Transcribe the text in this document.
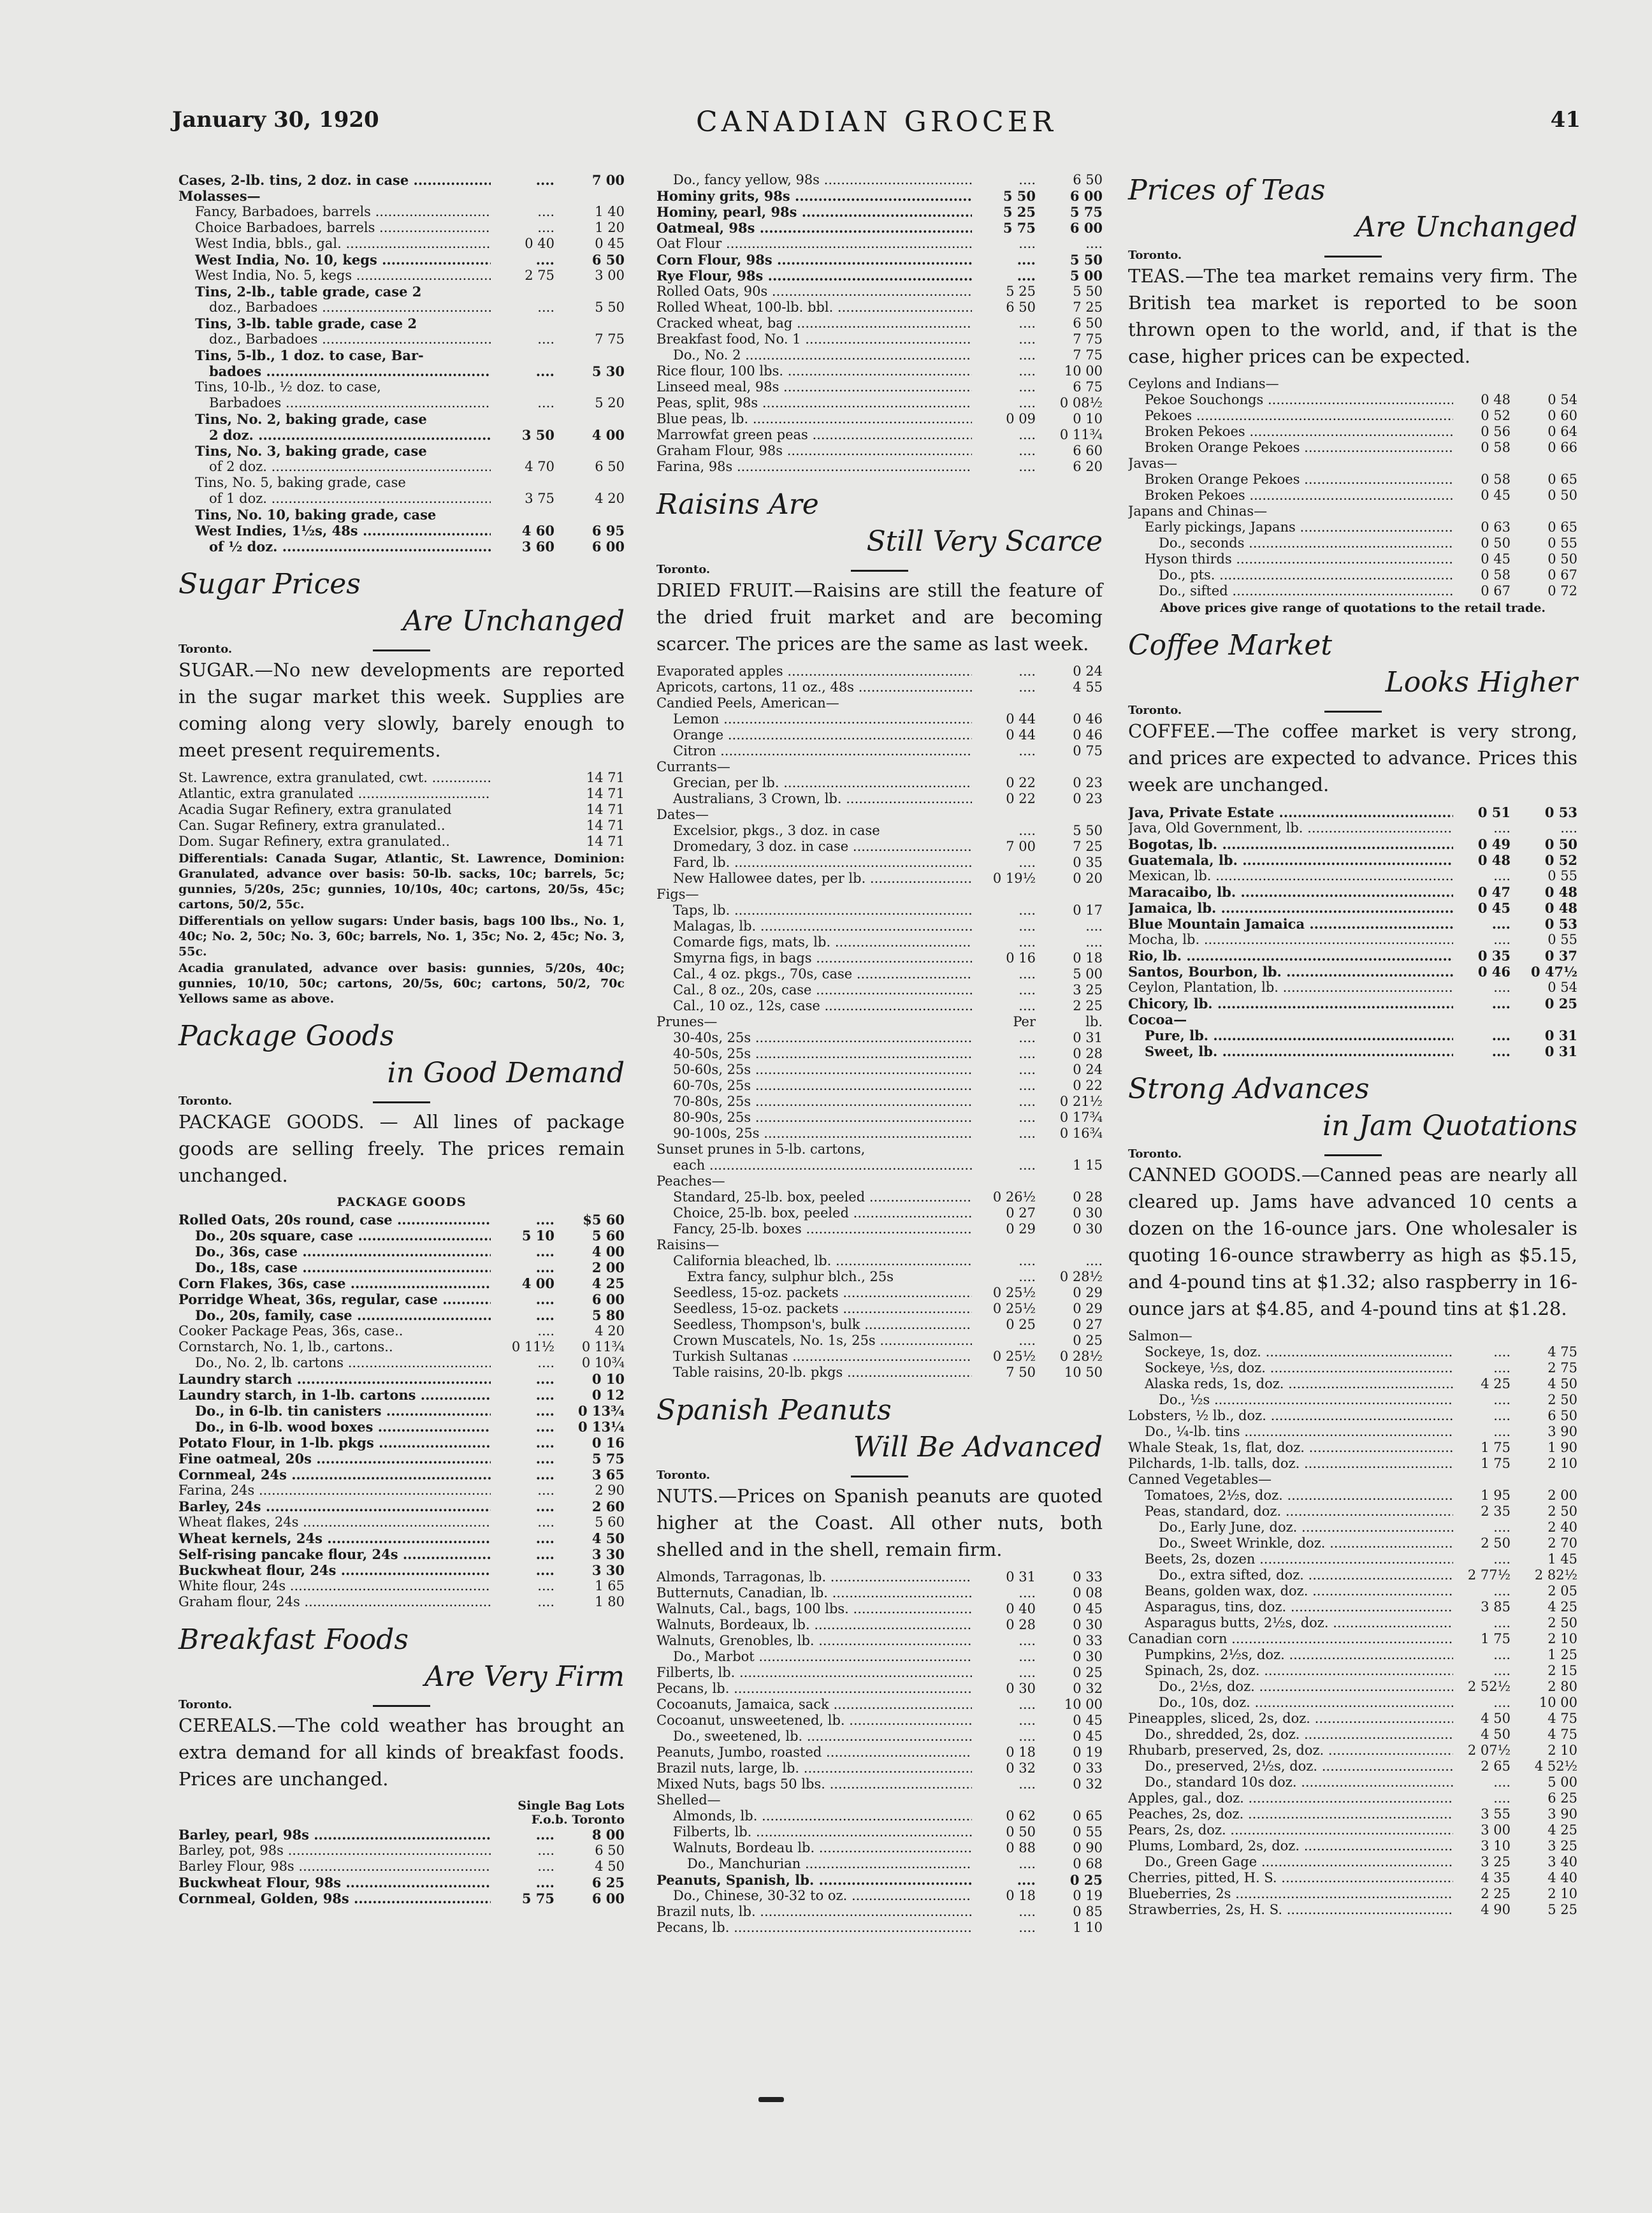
January 30, 1920	CANADIAN GROCER	41
Cases, 2-lb. tins, 2 doz. in case .....	....	7 00
Molasses—
Fancy, Barbadoes, barrels .....	....	1 40
Choice Barbadoes, barrels .....	....	1 20
West India, bbls., gal. .....	0 40	0 45
West India, No. 10, kegs .....	....	6 50
West India, No. 5, kegs .....	2 75	3 00
Tins, 2-lb., table grade, case 2
doz., Barbadoes .....	....	5 50
Tins, 3-lb. table grade, case 2
doz., Barbadoes .....	....	7 75
Tins, 5-lb., 1 doz. to case, Bar-
badoes .....	....	5 30
Tins, 10-lb., ½ doz. to case,
Barbadoes .....	....	5 20
Tins, No. 2, baking grade, case
2 doz. .....	3 50	4 00
Tins, No. 3, baking grade, case
of 2 doz. .....	4 70	6 50
Tins, No. 5, baking grade, case
of 1 doz. .....	3 75	4 20
Tins, No. 10, baking grade, case
West Indies, 1½s, 48s .....	4 60	6 95
of ½ doz. .....	3 60	6 00
Sugar Prices
Are Unchanged
Toronto.
SUGAR.—No new developments are reported in the sugar market this week. Supplies are coming along very slowly, barely enough to meet present requirements.
St. Lawrence, extra granulated, cwt. .....	14 71
Atlantic, extra granulated .....	14 71
Acadia Sugar Refinery, extra granulated	14 71
Can. Sugar Refinery, extra granulated..	14 71
Dom. Sugar Refinery, extra granulated..	14 71
Differentials: Canada Sugar, Atlantic, St. Lawrence, Dominion: Granulated, advance over basis: 50-lb. sacks, 10c; barrels, 5c; gunnies, 5/20s, 25c; gunnies, 10/10s, 40c; cartons, 20/5s, 45c; cartons, 50/2, 55c.
Differentials on yellow sugars: Under basis, bags 100 lbs., No. 1, 40c; No. 2, 50c; No. 3, 60c; barrels, No. 1, 35c; No. 2, 45c; No. 3, 55c.
Acadia granulated, advance over basis: gunnies, 5/20s, 40c; gunnies, 10/10, 50c; cartons, 20/5s, 60c; cartons, 50/2, 70c Yellows same as above.
Package Goods
in Good Demand
Toronto.
PACKAGE GOODS. — All lines of package goods are selling freely. The prices remain unchanged.
PACKAGE GOODS
Rolled Oats, 20s round, case .....	....	$5 60
Do., 20s square, case .....	5 10	5 60
Do., 36s, case .....	....	4 00
Do., 18s, case .....	....	2 00
Corn Flakes, 36s, case .....	4 00	4 25
Porridge Wheat, 36s, regular, case .....	....	6 00
Do., 20s, family, case .....	....	5 80
Cooker Package Peas, 36s, case..	....	4 20
Cornstarch, No. 1, lb., cartons..	0 11½	0 11¾
Do., No. 2, lb. cartons .....	....	0 10¾
Laundry starch .....	....	0 10
Laundry starch, in 1-lb. cartons .....	....	0 12
Do., in 6-lb. tin canisters .....	....	0 13¾
Do., in 6-lb. wood boxes .....	....	0 13¼
Potato Flour, in 1-lb. pkgs .....	....	0 16
Fine oatmeal, 20s .....	....	5 75
Cornmeal, 24s .....	....	3 65
Farina, 24s .....	....	2 90
Barley, 24s .....	....	2 60
Wheat flakes, 24s .....	....	5 60
Wheat kernels, 24s .....	....	4 50
Self-rising pancake flour, 24s .....	....	3 30
Buckwheat flour, 24s .....	....	3 30
White flour, 24s .....	....	1 65
Graham flour, 24s .....	....	1 80
Breakfast Foods
Are Very Firm
Toronto.
CEREALS.—The cold weather has brought an extra demand for all kinds of breakfast foods. Prices are unchanged.
Single Bag Lots
F.o.b. Toronto
Barley, pearl, 98s .....	....	8 00
Barley, pot, 98s .....	....	6 50
Barley Flour, 98s .....	....	4 50
Buckwheat Flour, 98s .....	....	6 25
Cornmeal, Golden, 98s .....	5 75	6 00
Do., fancy yellow, 98s .....	....	6 50
Hominy grits, 98s .....	5 50	6 00
Hominy, pearl, 98s .....	5 25	5 75
Oatmeal, 98s .....	5 75	6 00
Oat Flour .....	....	....
Corn Flour, 98s .....	....	5 50
Rye Flour, 98s .....	....	5 00
Rolled Oats, 90s .....	5 25	5 50
Rolled Wheat, 100-lb. bbl. .....	6 50	7 25
Cracked wheat, bag .....	....	6 50
Breakfast food, No. 1 .....	....	7 75
Do., No. 2 .....	....	7 75
Rice flour, 100 lbs. .....	....	10 00
Linseed meal, 98s .....	....	6 75
Peas, split, 98s .....	....	0 08½
Blue peas, lb. .....	0 09	0 10
Marrowfat green peas .....	....	0 11¾
Graham Flour, 98s .....	....	6 60
Farina, 98s .....	....	6 20
Raisins Are
Still Very Scarce
Toronto.
DRIED FRUIT.—Raisins are still the feature of the dried fruit market and are becoming scarcer. The prices are the same as last week.
Evaporated apples .....	....	0 24
Apricots, cartons, 11 oz., 48s .....	....	4 55
Candied Peels, American—
Lemon .....	0 44	0 46
Orange .....	0 44	0 46
Citron .....	....	0 75
Currants—
Grecian, per lb. .....	0 22	0 23
Australians, 3 Crown, lb. .....	0 22	0 23
Dates—
Excelsior, pkgs., 3 doz. in case	....	5 50
Dromedary, 3 doz. in case .....	7 00	7 25
Fard, lb. .....	....	0 35
New Hallowee dates, per lb. .....	0 19½	0 20
Figs—
Taps, lb. .....	....	0 17
Malagas, lb. .....	....	....
Comarde figs, mats, lb. .....	....	....
Smyrna figs, in bags .....	0 16	0 18
Cal., 4 oz. pkgs., 70s, case .....	....	5 00
Cal., 8 oz., 20s, case .....	....	3 25
Cal., 10 oz., 12s, case .....	....	2 25
Prunes—	Per	lb.
30-40s, 25s .....	....	0 31
40-50s, 25s .....	....	0 28
50-60s, 25s .....	....	0 24
60-70s, 25s .....	....	0 22
70-80s, 25s .....	....	0 21½
80-90s, 25s .....	....	0 17¾
90-100s, 25s .....	....	0 16¾
Sunset prunes in 5-lb. cartons,
each .....	....	1 15
Peaches—
Standard, 25-lb. box, peeled .....	0 26½	0 28
Choice, 25-lb. box, peeled .....	0 27	0 30
Fancy, 25-lb. boxes .....	0 29	0 30
Raisins—
California bleached, lb. .....	....	....
Extra fancy, sulphur blch., 25s	....	0 28½
Seedless, 15-oz. packets .....	0 25½	0 29
Seedless, 15-oz. packets .....	0 25½	0 29
Seedless, Thompson's, bulk .....	0 25	0 27
Crown Muscatels, No. 1s, 25s .....	....	0 25
Turkish Sultanas .....	0 25½	0 28½
Table raisins, 20-lb. pkgs .....	7 50	10 50
Spanish Peanuts
Will Be Advanced
Toronto.
NUTS.—Prices on Spanish peanuts are quoted higher at the Coast. All other nuts, both shelled and in the shell, remain firm.
Almonds, Tarragonas, lb. .....	0 31	0 33
Butternuts, Canadian, lb. .....	....	0 08
Walnuts, Cal., bags, 100 lbs. .....	0 40	0 45
Walnuts, Bordeaux, lb. .....	0 28	0 30
Walnuts, Grenobles, lb. .....	....	0 33
Do., Marbot .....	....	0 30
Filberts, lb. .....	....	0 25
Pecans, lb. .....	0 30	0 32
Cocoanuts, Jamaica, sack .....	....	10 00
Cocoanut, unsweetened, lb. .....	....	0 45
Do., sweetened, lb. .....	....	0 45
Peanuts, Jumbo, roasted .....	0 18	0 19
Brazil nuts, large, lb. .....	0 32	0 33
Mixed Nuts, bags 50 lbs. .....	....	0 32
Shelled—
Almonds, lb. .....	0 62	0 65
Filberts, lb. .....	0 50	0 55
Walnuts, Bordeau lb. .....	0 88	0 90
Do., Manchurian .....	....	0 68
Peanuts, Spanish, lb. .....	....	0 25
Do., Chinese, 30-32 to oz. .....	0 18	0 19
Brazil nuts, lb. .....	....	0 85
Pecans, lb. .....	....	1 10
Prices of Teas
Are Unchanged
Toronto.
TEAS.—The tea market remains very firm. The British tea market is reported to be soon thrown open to the world, and, if that is the case, higher prices can be expected.
Ceylons and Indians—
Pekoe Souchongs .....	0 48	0 54
Pekoes .....	0 52	0 60
Broken Pekoes .....	0 56	0 64
Broken Orange Pekoes .....	0 58	0 66
Javas—
Broken Orange Pekoes .....	0 58	0 65
Broken Pekoes .....	0 45	0 50
Japans and Chinas—
Early pickings, Japans .....	0 63	0 65
Do., seconds .....	0 50	0 55
Hyson thirds .....	0 45	0 50
Do., pts. .....	0 58	0 67
Do., sifted .....	0 67	0 72
Above prices give range of quotations to the retail trade.
Coffee Market
Looks Higher
Toronto.
COFFEE.—The coffee market is very strong, and prices are expected to advance. Prices this week are unchanged.
Java, Private Estate .....	0 51	0 53
Java, Old Government, lb. .....	....	....
Bogotas, lb. .....	0 49	0 50
Guatemala, lb. .....	0 48	0 52
Mexican, lb. .....	....	0 55
Maracaibo, lb. .....	0 47	0 48
Jamaica, lb. .....	0 45	0 48
Blue Mountain Jamaica .....	....	0 53
Mocha, lb. .....	....	0 55
Rio, lb. .....	0 35	0 37
Santos, Bourbon, lb. .....	0 46	0 47½
Ceylon, Plantation, lb. .....	....	0 54
Chicory, lb. .....	....	0 25
Cocoa—
Pure, lb. .....	....	0 31
Sweet, lb. .....	....	0 31
Strong Advances
in Jam Quotations
Toronto.
CANNED GOODS.—Canned peas are nearly all cleared up. Jams have advanced 10 cents a dozen on the 16-ounce jars. One wholesaler is quoting 16-ounce strawberry as high as $5.15, and 4-pound tins at $1.32; also raspberry in 16-ounce jars at $4.85, and 4-pound tins at $1.28.
Salmon—
Sockeye, 1s, doz. .....	....	4 75
Sockeye, ½s, doz. .....	....	2 75
Alaska reds, 1s, doz. .....	4 25	4 50
Do., ½s .....	....	2 50
Lobsters, ½ lb., doz. .....	....	6 50
Do., ¼-lb. tins .....	....	3 90
Whale Steak, 1s, flat, doz. .....	1 75	1 90
Pilchards, 1-lb. talls, doz. .....	1 75	2 10
Canned Vegetables—
Tomatoes, 2½s, doz. .....	1 95	2 00
Peas, standard, doz. .....	2 35	2 50
Do., Early June, doz. .....	....	2 40
Do., Sweet Wrinkle, doz. .....	2 50	2 70
Beets, 2s, dozen .....	....	1 45
Do., extra sifted, doz. .....	2 77½	2 82½
Beans, golden wax, doz. .....	....	2 05
Asparagus, tins, doz. .....	3 85	4 25
Asparagus butts, 2½s, doz. .....	....	2 50
Canadian corn .....	1 75	2 10
Pumpkins, 2½s, doz. .....	....	1 25
Spinach, 2s, doz. .....	....	2 15
Do., 2½s, doz. .....	2 52½	2 80
Do., 10s, doz. .....	....	10 00
Pineapples, sliced, 2s, doz. .....	4 50	4 75
Do., shredded, 2s, doz. .....	4 50	4 75
Rhubarb, preserved, 2s, doz. .....	2 07½	2 10
Do., preserved, 2½s, doz. .....	2 65	4 52½
Do., standard 10s doz. .....	....	5 00
Apples, gal., doz. .....	....	6 25
Peaches, 2s, doz. .....	3 55	3 90
Pears, 2s, doz. .....	3 00	4 25
Plums, Lombard, 2s, doz. .....	3 10	3 25
Do., Green Gage .....	3 25	3 40
Cherries, pitted, H. S. .....	4 35	4 40
Blueberries, 2s .....	2 25	2 10
Strawberries, 2s, H. S. .....	4 90	5 25
